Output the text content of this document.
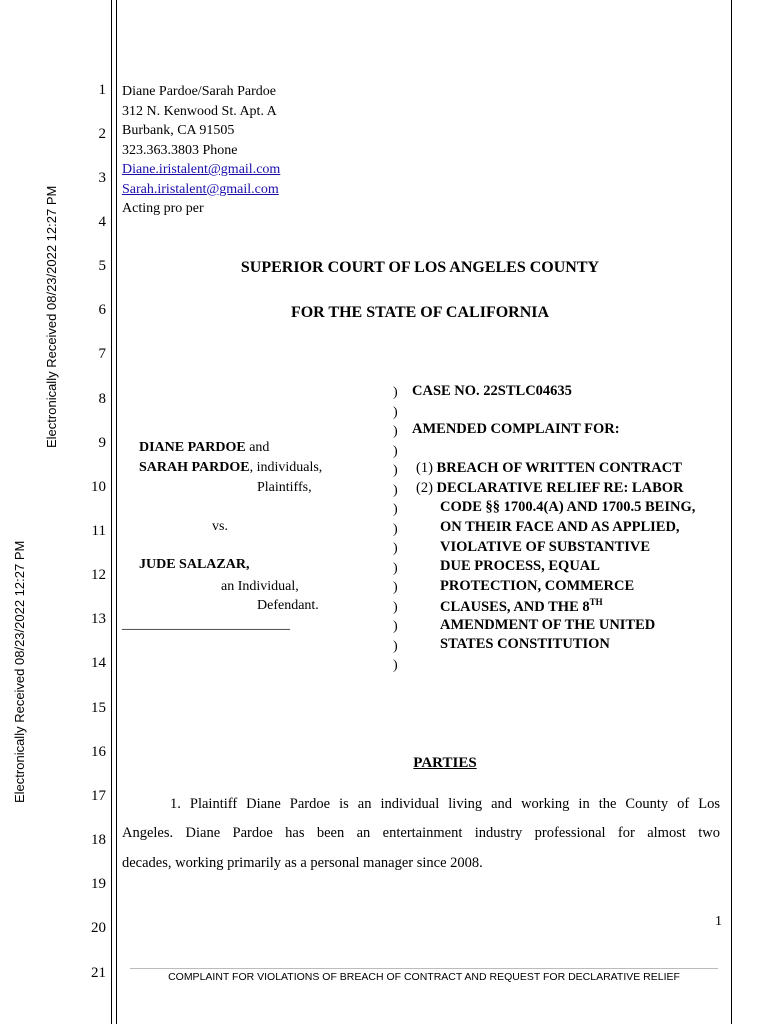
Electronically Received 08/23/2022 12:27 PM
Electronically Received 08/23/2022 12:27 PM
1
2
3
4
5
6
7
8
9
10
11
12
13
14
15
16
17
18
19
20
21
Diane Pardoe/Sarah Pardoe
312 N. Kenwood St. Apt. A
Burbank, CA 91505
323.363.3803 Phone
Diane.iristalent@gmail.com
Sarah.iristalent@gmail.com
Acting pro per
SUPERIOR COURT OF LOS ANGELES COUNTY
FOR THE STATE OF CALIFORNIA
DIANE PARDOE and
SARAH PARDOE, individuals,
Plaintiffs,
vs.
JUDE SALAZAR,
an Individual,
Defendant.
________________________
)
)
)
)
)
)
)
)
)
)
)
)
)
)
)
CASE NO. 22STLC04635
AMENDED COMPLAINT FOR:
(1) BREACH OF WRITTEN CONTRACT
(2) DECLARATIVE RELIEF RE: LABOR
CODE §§ 1700.4(A) AND 1700.5 BEING,
ON THEIR FACE AND AS APPLIED,
VIOLATIVE OF SUBSTANTIVE
DUE PROCESS, EQUAL
PROTECTION, COMMERCE
CLAUSES, AND THE 8TH
AMENDMENT OF THE UNITED
STATES CONSTITUTION
PARTIES
1. Plaintiff Diane Pardoe is an individual living and working in the County of Los
Angeles. Diane Pardoe has been an entertainment industry professional for almost two
decades, working primarily as a personal manager since 2008.
1
COMPLAINT FOR VIOLATIONS OF BREACH OF CONTRACT AND REQUEST FOR DECLARATIVE RELIEF
